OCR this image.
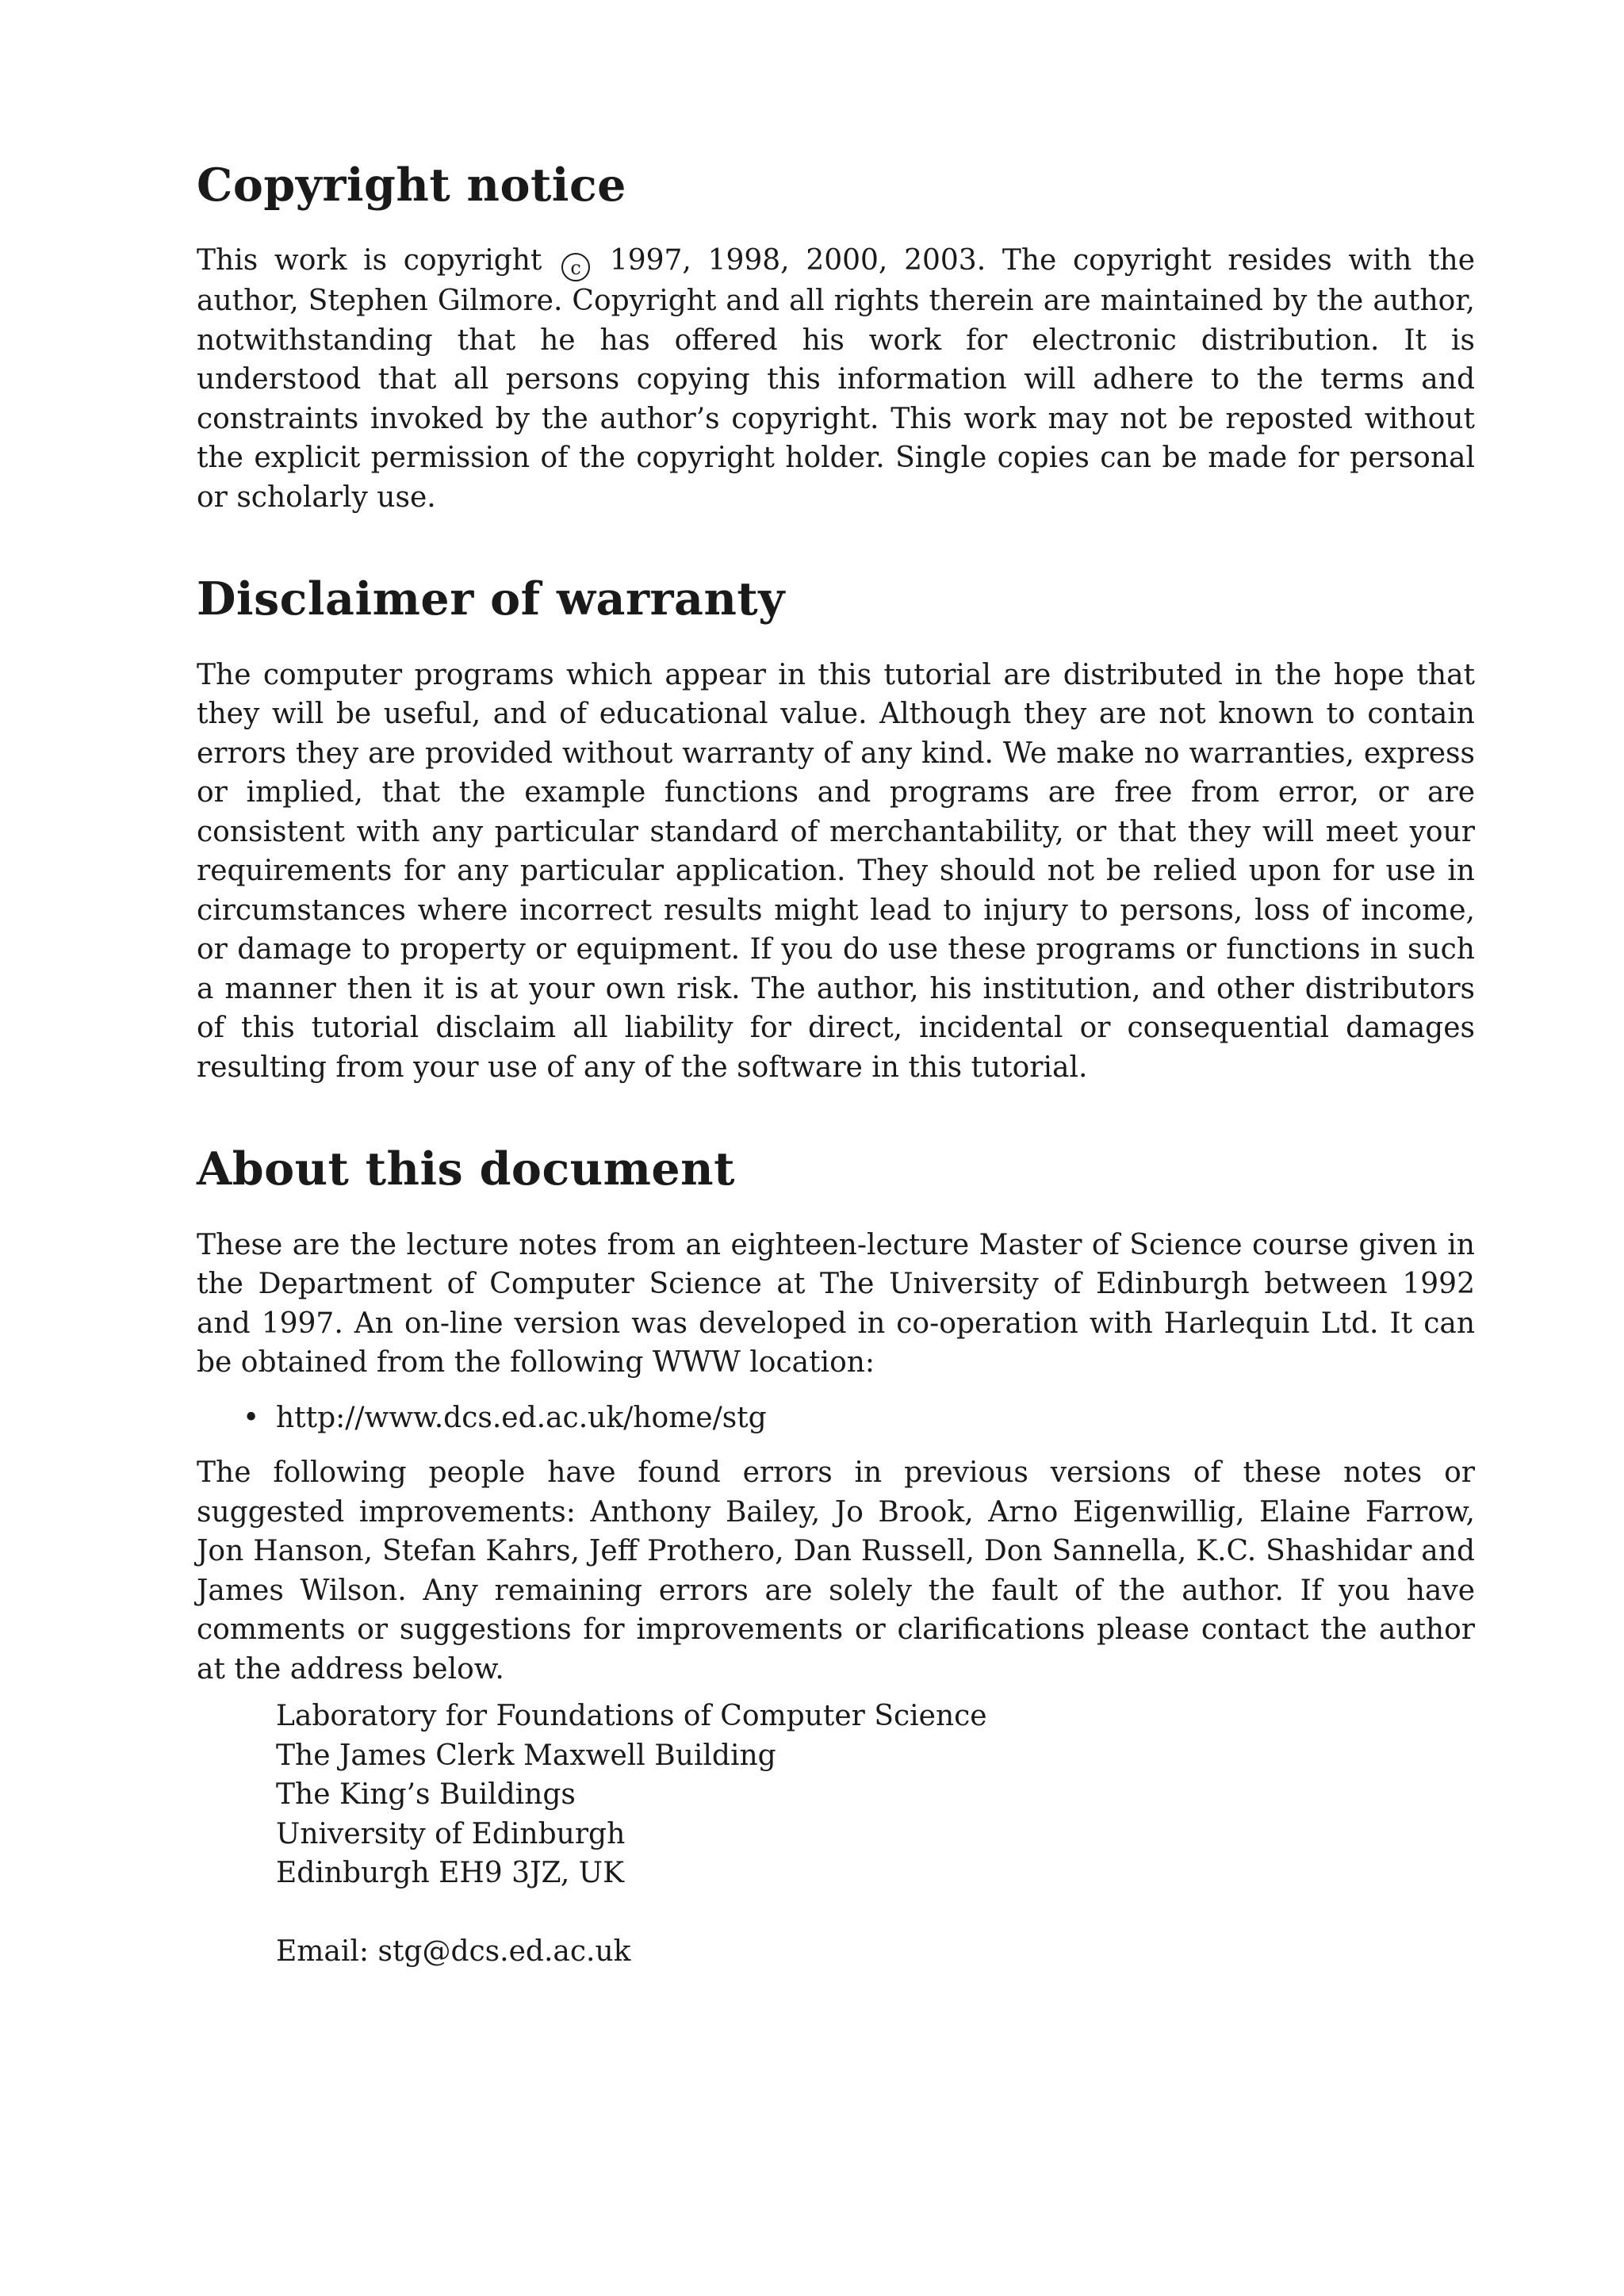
Copyright notice

This work is copyright c 1997, 1998, 2000, 2003. The copyright resides with the author, Stephen Gilmore. Copyright and all rights therein are maintained by the author, notwithstanding that he has offered his work for electronic distribution. It is understood that all persons copying this information will adhere to the terms and constraints invoked by the author’s copyright. This work may not be reposted without the explicit permission of the copyright holder. Single copies can be made for personal or scholarly use.

Disclaimer of warranty

The computer programs which appear in this tutorial are distributed in the hope that they will be useful, and of educational value. Although they are not known to contain errors they are provided without warranty of any kind. We make no warranties, express or implied, that the example functions and programs are free from error, or are consistent with any particular standard of merchantability, or that they will meet your requirements for any particular application. They should not be relied upon for use in circumstances where incorrect results might lead to injury to persons, loss of income, or damage to property or equipment. If you do use these programs or functions in such a manner then it is at your own risk. The author, his institution, and other distributors of this tutorial disclaim all liability for direct, incidental or consequential damages resulting from your use of any of the software in this tutorial.

About this document

These are the lecture notes from an eighteen-lecture Master of Science course given in the Department of Computer Science at The University of Edinburgh between 1992 and 1997. An on-line version was developed in co-operation with Harlequin Ltd. It can be obtained from the following WWW location:

• http://www.dcs.ed.ac.uk/home/stg

The following people have found errors in previous versions of these notes or suggested improvements: Anthony Bailey, Jo Brook, Arno Eigenwillig, Elaine Farrow, Jon Hanson, Stefan Kahrs, Jeff Prothero, Dan Russell, Don Sannella, K.C. Shashidar and James Wilson. Any remaining errors are solely the fault of the author. If you have comments or suggestions for improvements or clarifications please contact the author at the address below.

Laboratory for Foundations of Computer Science
The James Clerk Maxwell Building
The King’s Buildings
University of Edinburgh
Edinburgh EH9 3JZ, UK
Email: stg@dcs.ed.ac.uk
